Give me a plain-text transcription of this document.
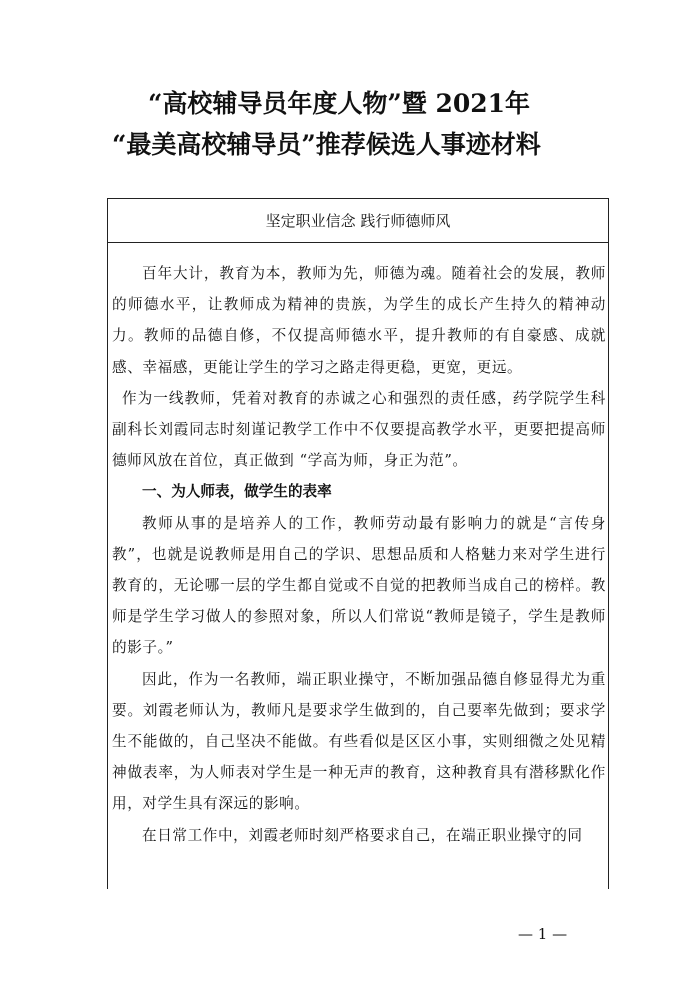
“高校辅导员年度人物”暨 2021年
“最美高校辅导员”推荐候选人事迹材料
坚定职业信念 践行师德师风

百年大计，教育为本，教师为先，师德为魂。随着社会的发展，教师的师德水平，让教师成为精神的贵族，为学生的成长产生持久的精神动力。教师的品德自修，不仅提高师德水平，提升教师的有自豪感、成就感、幸福感，更能让学生的学习之路走得更稳，更宽，更远。

作为一线教师，凭着对教育的赤诚之心和强烈的责任感，药学院学生科副科长刘霞同志时刻谨记教学工作中不仅要提高教学水平，更要把提高师德师风放在首位，真正做到 “学高为师，身正为范”。

一、为人师表，做学生的表率

教师从事的是培养人的工作，教师劳动最有影响力的就是“言传身教”，也就是说教师是用自己的学识、思想品质和人格魅力来对学生进行教育的，无论哪一层的学生都自觉或不自觉的把教师当成自己的榜样。教师是学生学习做人的参照对象，所以人们常说“教师是镜子，学生是教师的影子。”

因此，作为一名教师，端正职业操守，不断加强品德自修显得尤为重要。刘霞老师认为，教师凡是要求学生做到的，自己要率先做到；要求学生不能做的，自己坚决不能做。有些看似是区区小事，实则细微之处见精神做表率，为人师表对学生是一种无声的教育，这种教育具有潜移默化作用，对学生具有深远的影响。

在日常工作中，刘霞老师时刻严格要求自己，在端正职业操守的同

— 1 —
